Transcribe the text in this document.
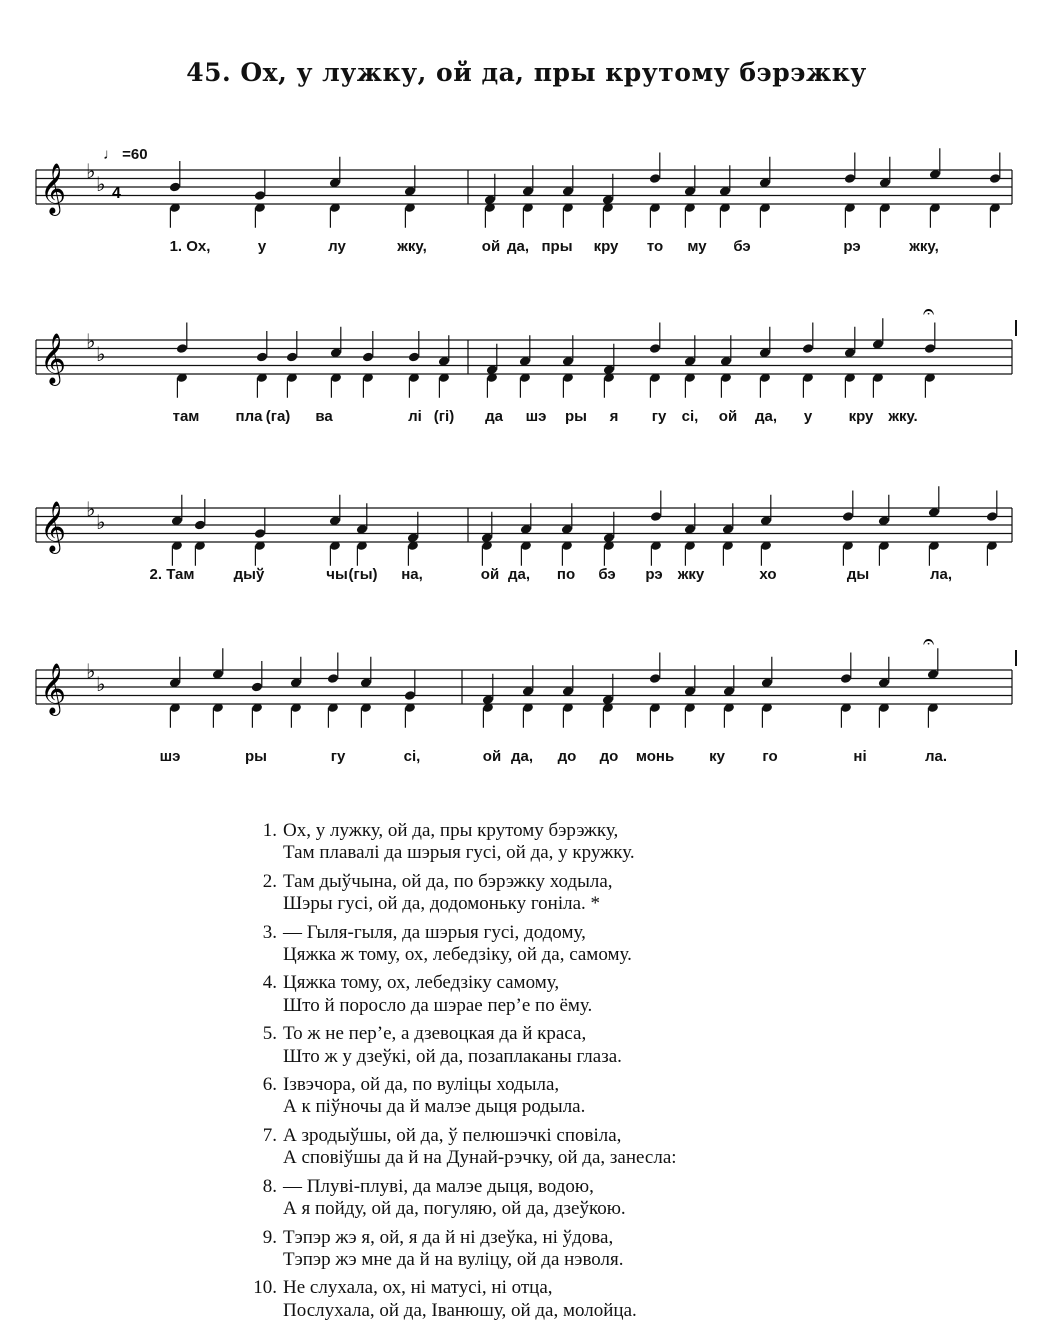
45. Ох, у лужку, ой да, пры крутому бэрэжку
♩ =60
𝄞 ♭
♭ 4
1. Ох,	у	лу	жку,	ой да, пры кру то му бэ	рэ	жку,
𝄞 ♭
♭
𝄐
там пла (га) ва	лі (гі) да шэ ры я гу сі, ой да, у кру жку.
𝄞 ♭
♭
2. Там	дыў	чы (гы) на,	ой да, по бэ рэ жку	хо	ды	ла,
𝄞 ♭
♭
𝄐
шэ	ры	гу	сі,	ой да, до до монь ку го	ні	ла.
1. Ох, у лужку, ой да, пры крутому бэрэжку,
Там плавалі да шэрыя гусі, ой да, у кружку.
2. Там дыўчына, ой да, по бэрэжку ходыла,
Шэры гусі, ой да, додомоньку гоніла. *
3. — Гыля-гыля, да шэрыя гусі, додому,
Цяжка ж тому, ох, лебедзіку, ой да, самому.
4. Цяжка тому, ох, лебедзіку самому,
Што й поросло да шэрае пер’е по ёму.
5. То ж не пер’е, а дзевоцкая да й краса,
Што ж у дзеўкі, ой да, позаплаканы глаза.
6. Ізвэчора, ой да, по вуліцы ходыла,
А к піўночы да й малэе дыця родыла.
7. А зродыўшы, ой да, ў пелюшэчкі сповіла,
А сповіўшы да й на Дунай-рэчку, ой да, занесла:
8. — Плуві-плуві, да малэе дыця, водою,
А я пойду, ой да, погуляю, ой да, дзеўкою.
9. Тэпэр жэ я, ой, я да й ні дзеўка, ні ўдова,
Тэпэр жэ мне да й на вуліцу, ой да нэволя.
10. Не слухала, ох, ні матусі, ні отца,
Послухала, ой да, Іванюшу, ой да, молойца.
